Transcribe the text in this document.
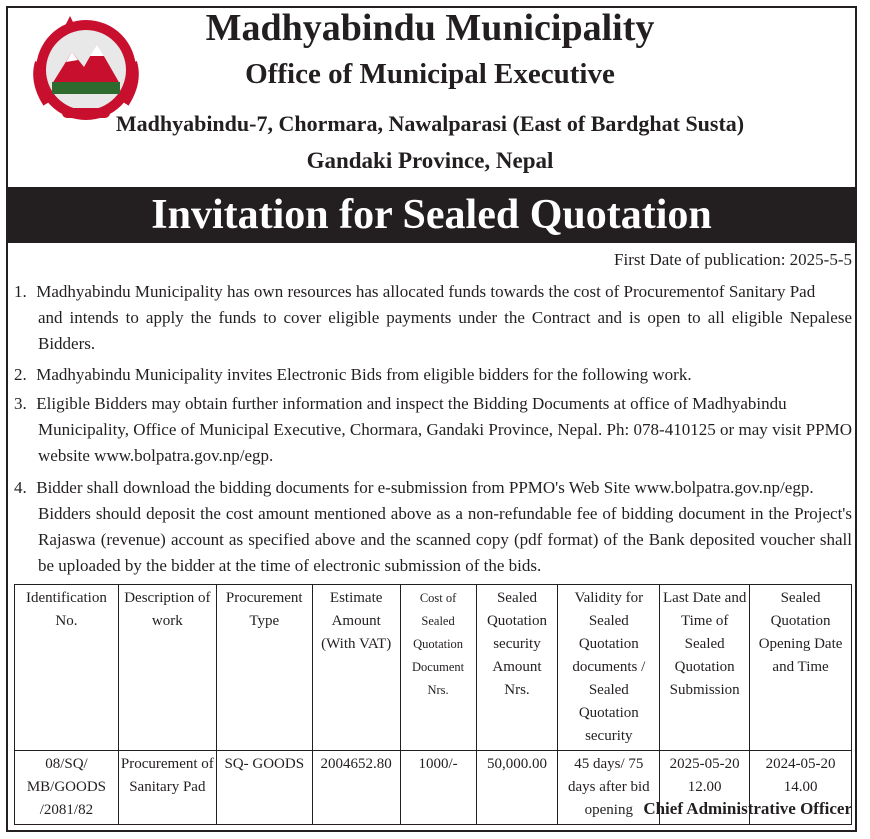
Madhyabindu Municipality
Office of Municipal Executive
Madhyabindu-7, Chormara, Nawalparasi (East of Bardghat Susta)
Gandaki Province, Nepal
Invitation for Sealed Quotation
First Date of publication: 2025-5-5
1. Madhyabindu Municipality has own resources has allocated funds towards the cost of Procurementof Sanitary Pad
and intends to apply the funds to cover eligible payments under the Contract and is open to all eligible Nepalese Bidders.
2. Madhyabindu Municipality invites Electronic Bids from eligible bidders for the following work.
3. Eligible Bidders may obtain further information and inspect the Bidding Documents at office of Madhyabindu
Municipality, Office of Municipal Executive, Chormara, Gandaki Province, Nepal. Ph: 078-410125 or may visit PPMO website www.bolpatra.gov.np/egp.
4. Bidder shall download the bidding documents for e-submission from PPMO's Web Site www.bolpatra.gov.np/egp.
Bidders should deposit the cost amount mentioned above as a non-refundable fee of bidding document in the Project's Rajaswa (revenue) account as specified above and the scanned copy (pdf format) of the Bank deposited voucher shall be uploaded by the bidder at the time of electronic submission of the bids.
Identification No.	Description of work	Procurement Type	Estimate Amount (With VAT)	Cost of Sealed Quotation Document Nrs.	Sealed Quotation security Amount Nrs.	Validity for Sealed Quotation documents / Sealed Quotation security	Last Date and Time of Sealed Quotation Submission	Sealed Quotation Opening Date and Time
08/SQ/ MB/GOODS /2081/82	Procurement of Sanitary Pad	SQ- GOODS	2004652.80	1000/-	50,000.00	45 days/ 75 days after bid opening	2025-05-20 12.00	2024-05-20 14.00
Chief Administrative Officer
